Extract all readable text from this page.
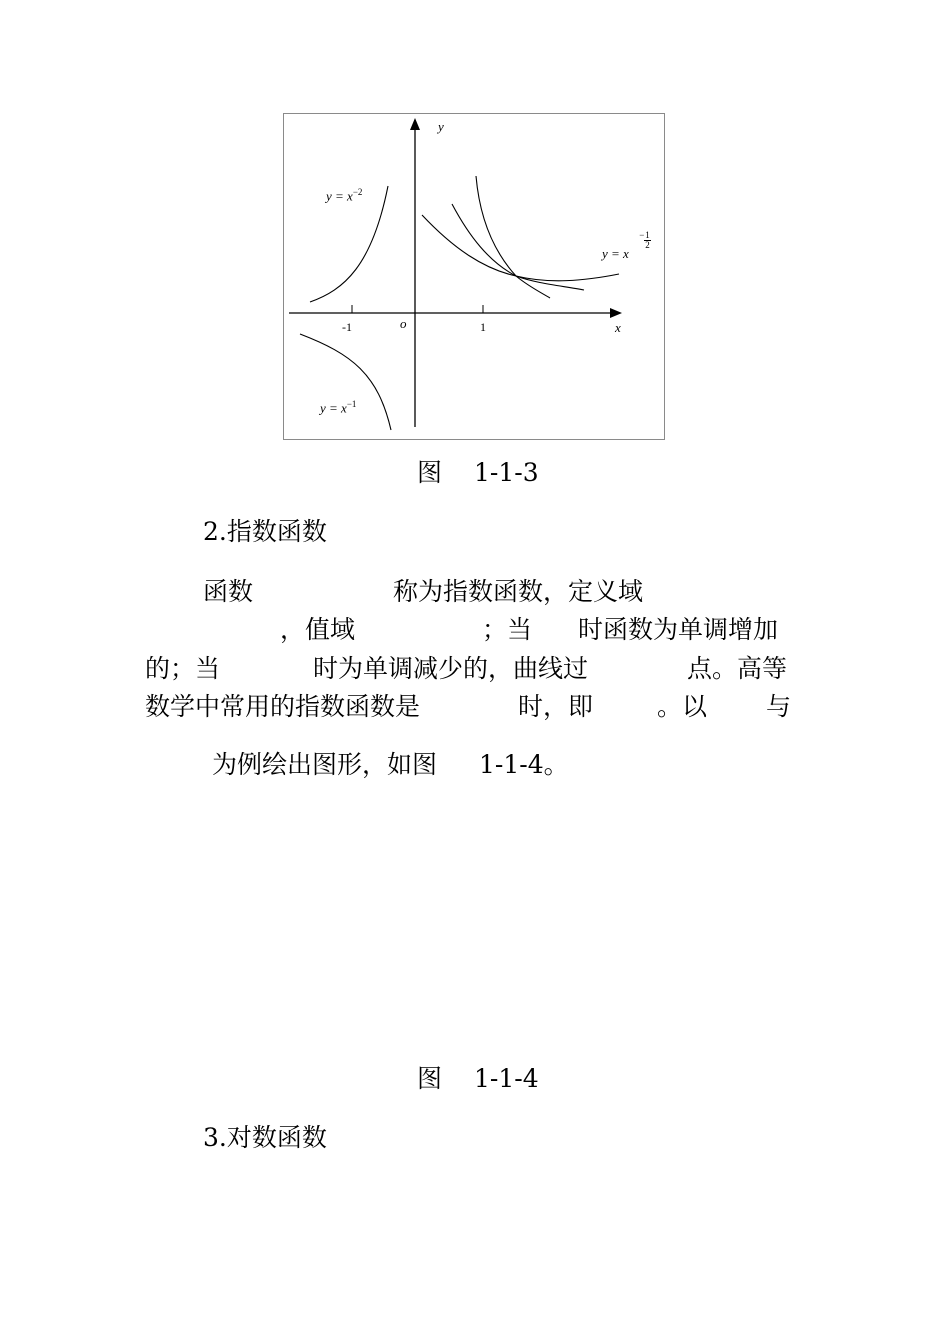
y
x
o
-1	1
$y = x^{-2}$
$y = x^{-1}$
y = x
−1
2
图 1-1-3
2.指数函数
函数	称为指数函数，定义域
，值域	；当 时函数为单调增加
的；当	时为单调减少的，曲线过	点。高等
数学中常用的指数函数是	时，即	。以 与
为例绘出图形，如图 1-1-4。
图 1-1-4
3.对数函数
